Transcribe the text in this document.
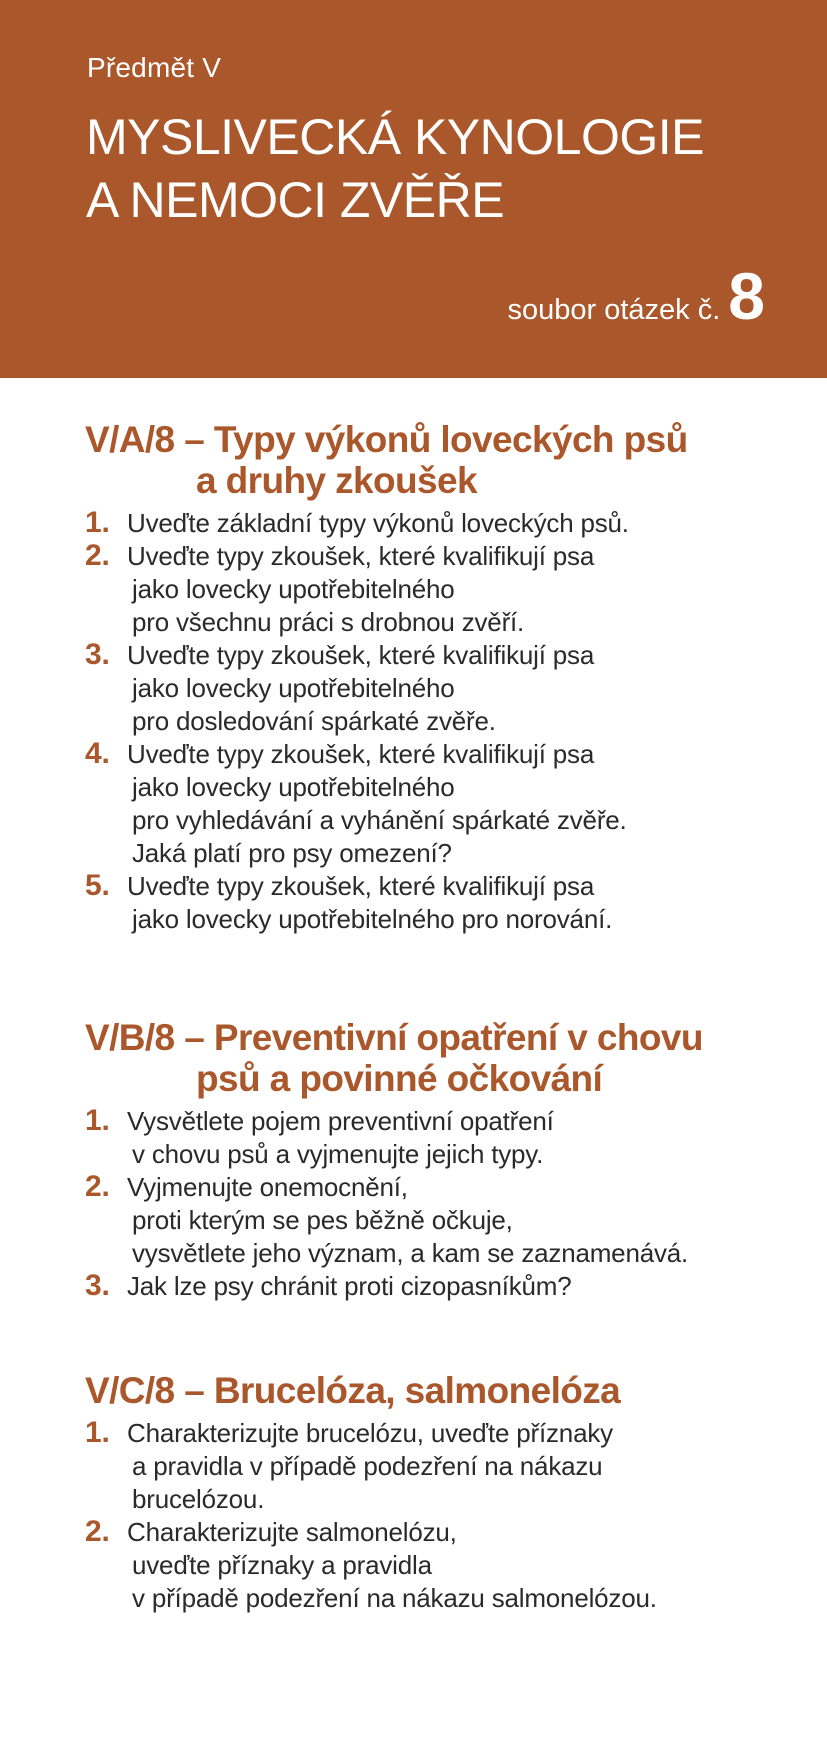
Předmět V
MYSLIVECKÁ KYNOLOGIE
A NEMOCI ZVĚŘE
soubor otázek č. 8
V/A/8 – Typy výkonů loveckých psů
a druhy zkoušek
1. Uveďte základní typy výkonů loveckých psů.
2. Uveďte typy zkoušek, které kvalifikují psa
jako lovecky upotřebitelného
pro všechnu práci s drobnou zvěří.
3. Uveďte typy zkoušek, které kvalifikují psa
jako lovecky upotřebitelného
pro dosledování spárkaté zvěře.
4. Uveďte typy zkoušek, které kvalifikují psa
jako lovecky upotřebitelného
pro vyhledávání a vyhánění spárkaté zvěře.
Jaká platí pro psy omezení?
5. Uveďte typy zkoušek, které kvalifikují psa
jako lovecky upotřebitelného pro norování.
V/B/8 – Preventivní opatření v chovu
psů a povinné očkování
1. Vysvětlete pojem preventivní opatření
v chovu psů a vyjmenujte jejich typy.
2. Vyjmenujte onemocnění,
proti kterým se pes běžně očkuje,
vysvětlete jeho význam, a kam se zaznamenává.
3. Jak lze psy chránit proti cizopasníkům?
V/C/8 – Brucelóza, salmonelóza
1. Charakterizujte brucelózu, uveďte příznaky
a pravidla v případě podezření na nákazu
brucelózou.
2. Charakterizujte salmonelózu,
uveďte příznaky a pravidla
v případě podezření na nákazu salmonelózou.
